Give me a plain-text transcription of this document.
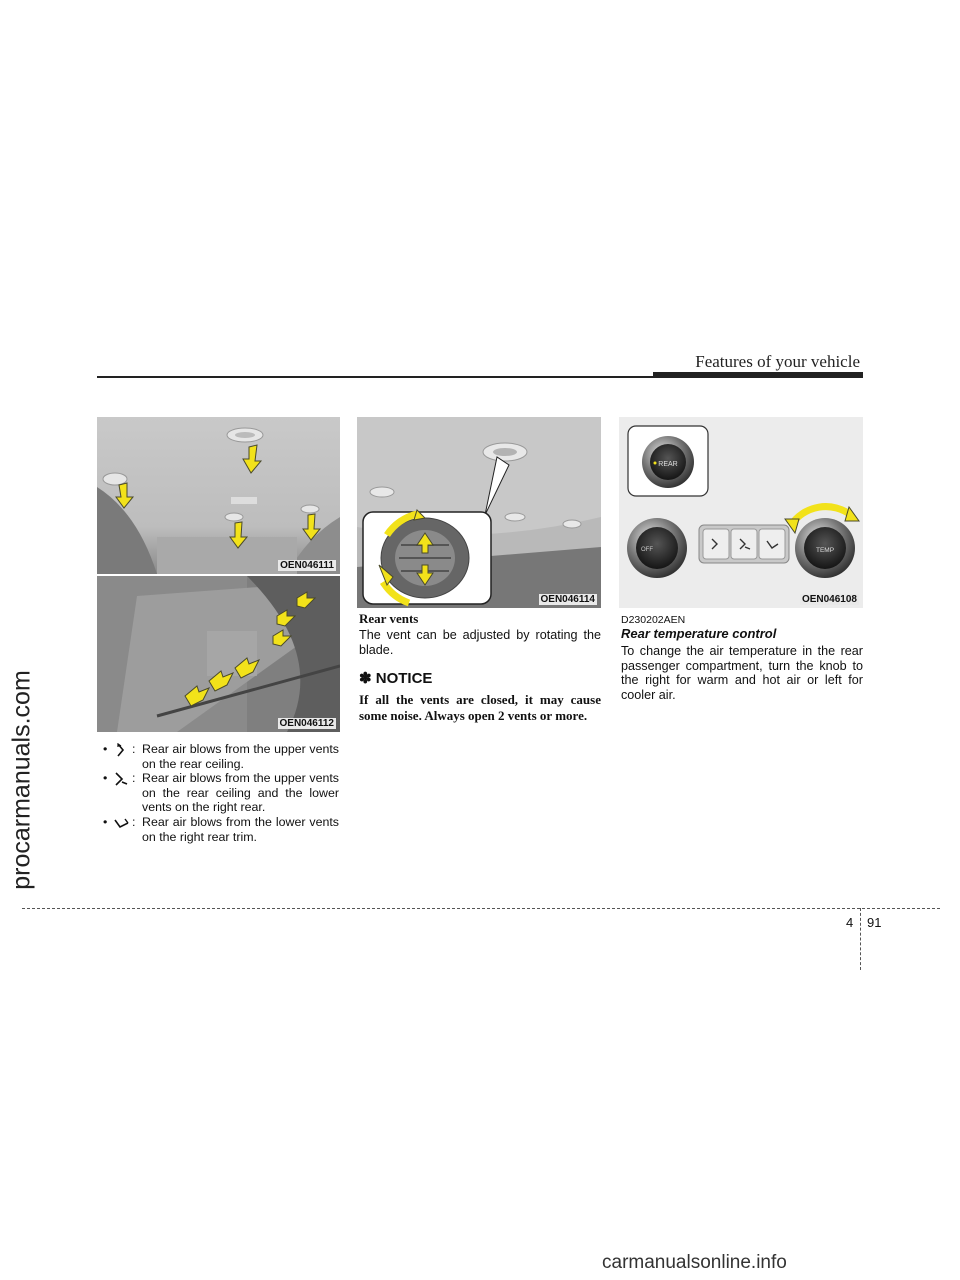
procarmanuals.com
Features of your vehicle
OEN046111
OEN046112
• : Rear air blows from the upper vents on the rear ceiling.
• : Rear air blows from the upper vents on the rear ceiling and the lower vents on the right rear.
• : Rear air blows from the lower vents on the right rear trim.
OEN046114
Rear vents
The vent can be adjusted by rotating the blade.
✽ NOTICE
If all the vents are closed, it may cause some noise. Always open 2 vents or more.
REAR
OFF	TEMP
OEN046108
D230202AEN
Rear temperature control
To change the air temperature in the rear passenger compartment, turn the knob to the right for warm and hot air or left for cooler air.
4 91
carmanualsonline.info
